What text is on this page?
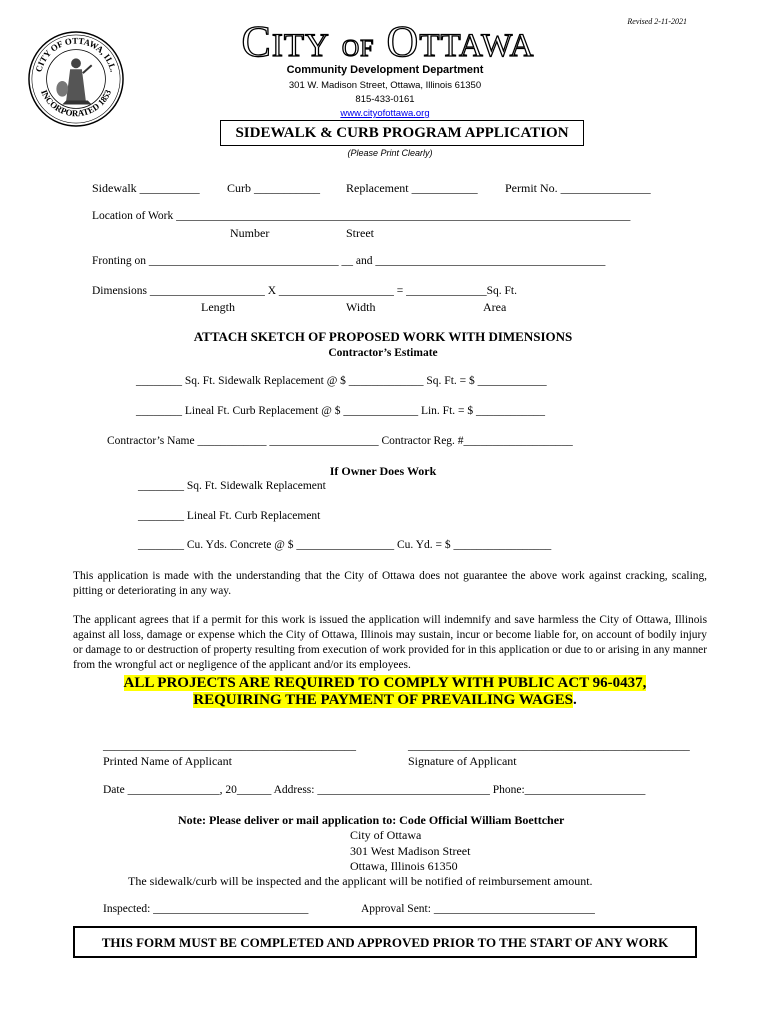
Revised 2-11-2021
CITY OF OTTAWA, ILL.
INCORPORATED 1853
CITY OF OTTAWA
Community Development Department
301 W. Madison Street, Ottawa, Illinois 61350
815-433-0161
www.cityofottawa.org
SIDEWALK & CURB PROGRAM APPLICATION
(Please Print Clearly)
Sidewalk __________ Curb ___________ Replacement ___________ Permit No. _______________
Location of Work _______________________________________________________________________________
Number	Street
Fronting on _________________________________ __ and ________________________________________
Dimensions ____________________ X ____________________ = ______________Sq. Ft.
Length	Width	Area
ATTACH SKETCH OF PROPOSED WORK WITH DIMENSIONS
Contractor’s Estimate
________ Sq. Ft. Sidewalk Replacement @ $ _____________ Sq. Ft. = $ ____________
________ Lineal Ft. Curb Replacement @ $ _____________ Lin. Ft. = $ ____________
Contractor’s Name ____________ ___________________ Contractor Reg. #___________________
If Owner Does Work
________ Sq. Ft. Sidewalk Replacement
________ Lineal Ft. Curb Replacement
________ Cu. Yds. Concrete @ $ _________________ Cu. Yd. = $ _________________
This application is made with the understanding that the City of Ottawa does not guarantee the above work against cracking, scaling, pitting or deteriorating in any way.
The applicant agrees that if a permit for this work is issued the application will indemnify and save harmless the City of Ottawa, Illinois against all loss, damage or expense which the City of Ottawa, Illinois may sustain, incur or become liable for, on account of bodily injury or damage to or destruction of property resulting from execution of work provided for in this application or due to or arising in any manner from the wrongful act or negligence of the applicant and/or its employees.
ALL PROJECTS ARE REQUIRED TO COMPLY WITH PUBLIC ACT 96-0437,
REQUIRING THE PAYMENT OF PREVAILING WAGES.
____________________________________________
Printed Name of Applicant
_________________________________________________
Signature of Applicant
Date ________________, 20______ Address: ______________________________ Phone:_____________________
Note: Please deliver or mail application to: Code Official William Boettcher
City of Ottawa
301 West Madison Street
Ottawa, Illinois 61350
The sidewalk/curb will be inspected and the applicant will be notified of reimbursement amount.
Inspected: ___________________________	Approval Sent: ____________________________
THIS FORM MUST BE COMPLETED AND APPROVED PRIOR TO THE START OF ANY WORK
